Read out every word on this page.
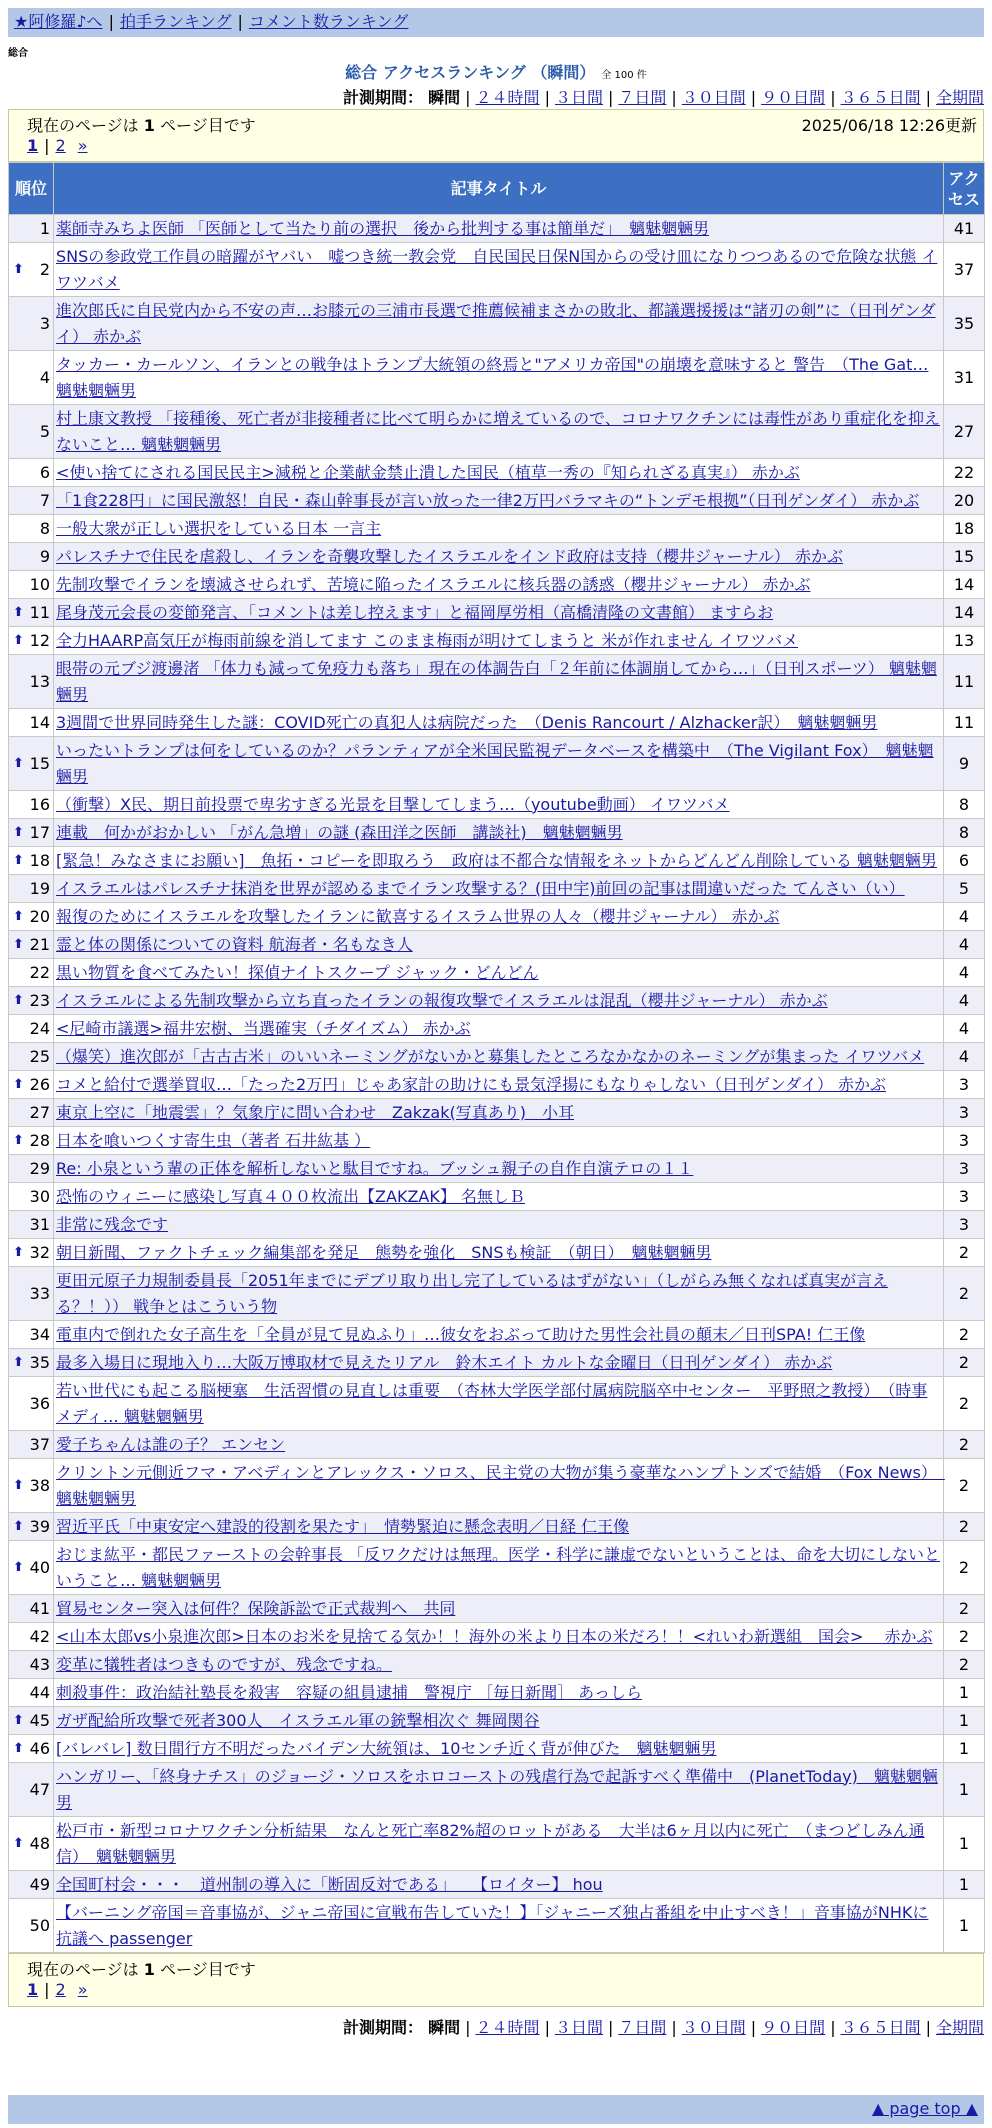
★阿修羅♪へ | 拍手ランキング | コメント数ランキング
総合
総合 アクセスランキング （瞬間） 全 100 件
計測期間： 瞬間 | ２４時間 | ３日間 | ７日間 | ３０日間 | ９０日間 | ３６５日間 | 全期間
現在のページは 1 ページ目です	2025/06/18 12:26更新
1 | 2 »
順位	記事タイトル	アクセス
1	薬師寺みちよ医師 「医師として当たり前の選択　後から批判する事は簡単だ」　魑魅魍魎男	41

⬆ 2	SNSの参政党工作員の暗躍がヤバい　嘘つき統一教会党　自民国民日保N国からの受け皿になりつつあるので危険な状態 イワツバメ	37
3	進次郎氏に自民党内から不安の声…お膝元の三浦市長選で推薦候補まさかの敗北、都議選援援は“諸刃の剣”に（日刊ゲンダイ） 赤かぶ	35
4	タッカー・カールソン、イランとの戦争はトランプ大統領の終焉と"アメリカ帝国"の崩壊を意味すると 警告　（The Gat… 魑魅魍魎男	31
5	村上康文教授 「接種後、死亡者が非接種者に比べて明らかに増えているので、コロナワクチンには毒性があり重症化を抑えないこと… 魑魅魍魎男	27
6	<使い捨てにされる国民民主>減税と企業献金禁止潰した国民（植草一秀の『知られざる真実』） 赤かぶ	22
7	「1食228円」に国民激怒！自民・森山幹事長が言い放った一律2万円バラマキの“トンデモ根拠”（日刊ゲンダイ） 赤かぶ	20
8	一般大衆が正しい選択をしている日本 一言主	18
9	パレスチナで住民を虐殺し、イランを奇襲攻撃したイスラエルをインド政府は支持（櫻井ジャーナル） 赤かぶ	15
10	先制攻撃でイランを壊滅させられず、苦境に陥ったイスラエルに核兵器の誘惑（櫻井ジャーナル） 赤かぶ	14

⬆ 11	尾身茂元会長の変節発言、「コメントは差し控えます」と福岡厚労相（高橋清隆の文書館） ますらお	14

⬆ 12	全力HAARP高気圧が梅雨前線を消してます このまま梅雨が明けてしまうと 米が作れません イワツバメ	13
13	眼帯の元ブジ渡邊渚 「体力も減って免疫力も落ち」現在の体調告白「２年前に体調崩してから…」（日刊スポーツ） 魑魅魍魎男	11
14	3週間で世界同時発生した謎：COVID死亡の真犯人は病院だった　（Denis Rancourt / Alzhacker訳）　魑魅魍魎男	11

⬆ 15	いったいトランプは何をしているのか？パランティアが全米国民監視データベースを構築中　（The Vigilant Fox）　魑魅魍魎男	9
16	（衝撃）X民、期日前投票で卑劣すぎる光景を目撃してしまう…（youtube動画） イワツバメ	8

⬆ 17	連載　何かがおかしい 「がん急増」の謎 (森田洋之医師　講談社)　魑魅魍魎男	8

⬆ 18	[緊急！みなさまにお願い]　魚拓・コピーを即取ろう　政府は不都合な情報をネットからどんどん削除している 魑魅魍魎男	6
19	イスラエルはパレスチナ抹消を世界が認めるまでイラン攻撃する？(田中宇)前回の記事は間違いだった てんさい（い）	5

⬆ 20	報復のためにイスラエルを攻撃したイランに歓喜するイスラム世界の人々（櫻井ジャーナル） 赤かぶ	4

⬆ 21	霊と体の関係についての資料 航海者・名もなき人	4
22	黒い物質を食べてみたい！探偵ナイトスクープ ジャック・どんどん	4

⬆ 23	イスラエルによる先制攻撃から立ち直ったイランの報復攻撃でイスラエルは混乱（櫻井ジャーナル） 赤かぶ	4
24	<尼崎市議選>福井宏樹、当選確実（チダイズム） 赤かぶ	4
25	（爆笑）進次郎が「古古古米」のいいネーミングがないかと募集したところなかなかのネーミングが集まった イワツバメ	4

⬆ 26	コメと給付で選挙買収…「たった2万円」じゃあ家計の助けにも景気浮揚にもなりゃしない（日刊ゲンダイ） 赤かぶ	3
27	東京上空に「地震雲」？気象庁に問い合わせ　Zakzak(写真あり)　小耳	3

⬆ 28	日本を喰いつくす寄生虫（著者 石井紘基 ）	3
29	Re: 小泉という輩の正体を解析しないと駄目ですね。ブッシュ親子の自作自演テロの１１	3
30	恐怖のウィニーに感染し写真４００枚流出【ZAKZAK】 名無しＢ	3
31	非常に残念です	3

⬆ 32	朝日新聞、ファクトチェック編集部を発足　態勢を強化　SNSも検証　（朝日）　魑魅魍魎男	2
33	更田元原子力規制委員長「2051年までにデブリ取り出し完了しているはずがない」（しがらみ無くなれば真実が言える？！）） 戦争とはこういう物	2
34	電車内で倒れた女子高生を「全員が見て見ぬふり」…彼女をおぶって助けた男性会社員の顛末／日刊SPA! 仁王像	2

⬆ 35	最多入場日に現地入り…大阪万博取材で見えたリアル　鈴木エイト カルトな金曜日（日刊ゲンダイ） 赤かぶ	2
36	若い世代にも起こる脳梗塞　生活習慣の見直しは重要　（杏林大学医学部付属病院脳卒中センター　平野照之教授）　（時事メディ… 魑魅魍魎男	2
37	愛子ちゃんは誰の子？ エンセン	2

⬆ 38	クリントン元側近フマ・アベディンとアレックス・ソロス、民主党の大物が集う豪華なハンプトンズで結婚　（Fox News）　魑魅魍魎男	2

⬆ 39	習近平氏「中東安定へ建設的役割を果たす」　情勢緊迫に懸念表明／日経 仁王像	2

⬆ 40	おじま紘平・都民ファーストの会幹事長 「反ワクだけは無理。医学・科学に謙虚でないということは、命を大切にしないということ… 魑魅魍魎男	2
41	貿易センター突入は何件？保険訴訟で正式裁判へ　共同	2
42	<山本太郎vs小泉進次郎>日本のお米を見捨てる気か！！海外の米より日本の米だろ！！<れいわ新選組　国会>　 赤かぶ	2
43	変革に犠牲者はつきものですが、残念ですね。	2
44	刺殺事件：政治結社塾長を殺害　容疑の組員逮捕　警視庁 ［毎日新聞］ あっしら	1

⬆ 45	ガザ配給所攻撃で死者300人　イスラエル軍の銃撃相次ぐ 舞岡関谷	1

⬆ 46	[バレバレ] 数日間行方不明だったバイデン大統領は、10センチ近く背が伸びた　魑魅魍魎男	1
47	ハンガリー、「終身ナチス」のジョージ・ソロスをホロコーストの残虐行為で起訴すべく準備中　(PlanetToday)　魑魅魍魎男	1

⬆ 48	松戸市・新型コロナワクチン分析結果　なんと死亡率82%超のロットがある　大半は6ヶ月以内に死亡　（まつどしみん通信）　魑魅魍魎男	1
49	全国町村会・・・　道州制の導入に「断固反対である」　　【ロイター】 hou	1
50	【バーニング帝国＝音事協が、ジャニ帝国に宣戦布告していた！】「ジャニーズ独占番組を中止すべき！」音事協がNHKに抗議へ passenger	1
現在のページは 1 ページ目です
1 | 2 »
計測期間： 瞬間 | ２４時間 | ３日間 | ７日間 | ３０日間 | ９０日間 | ３６５日間 | 全期間
▲ page top ▲
